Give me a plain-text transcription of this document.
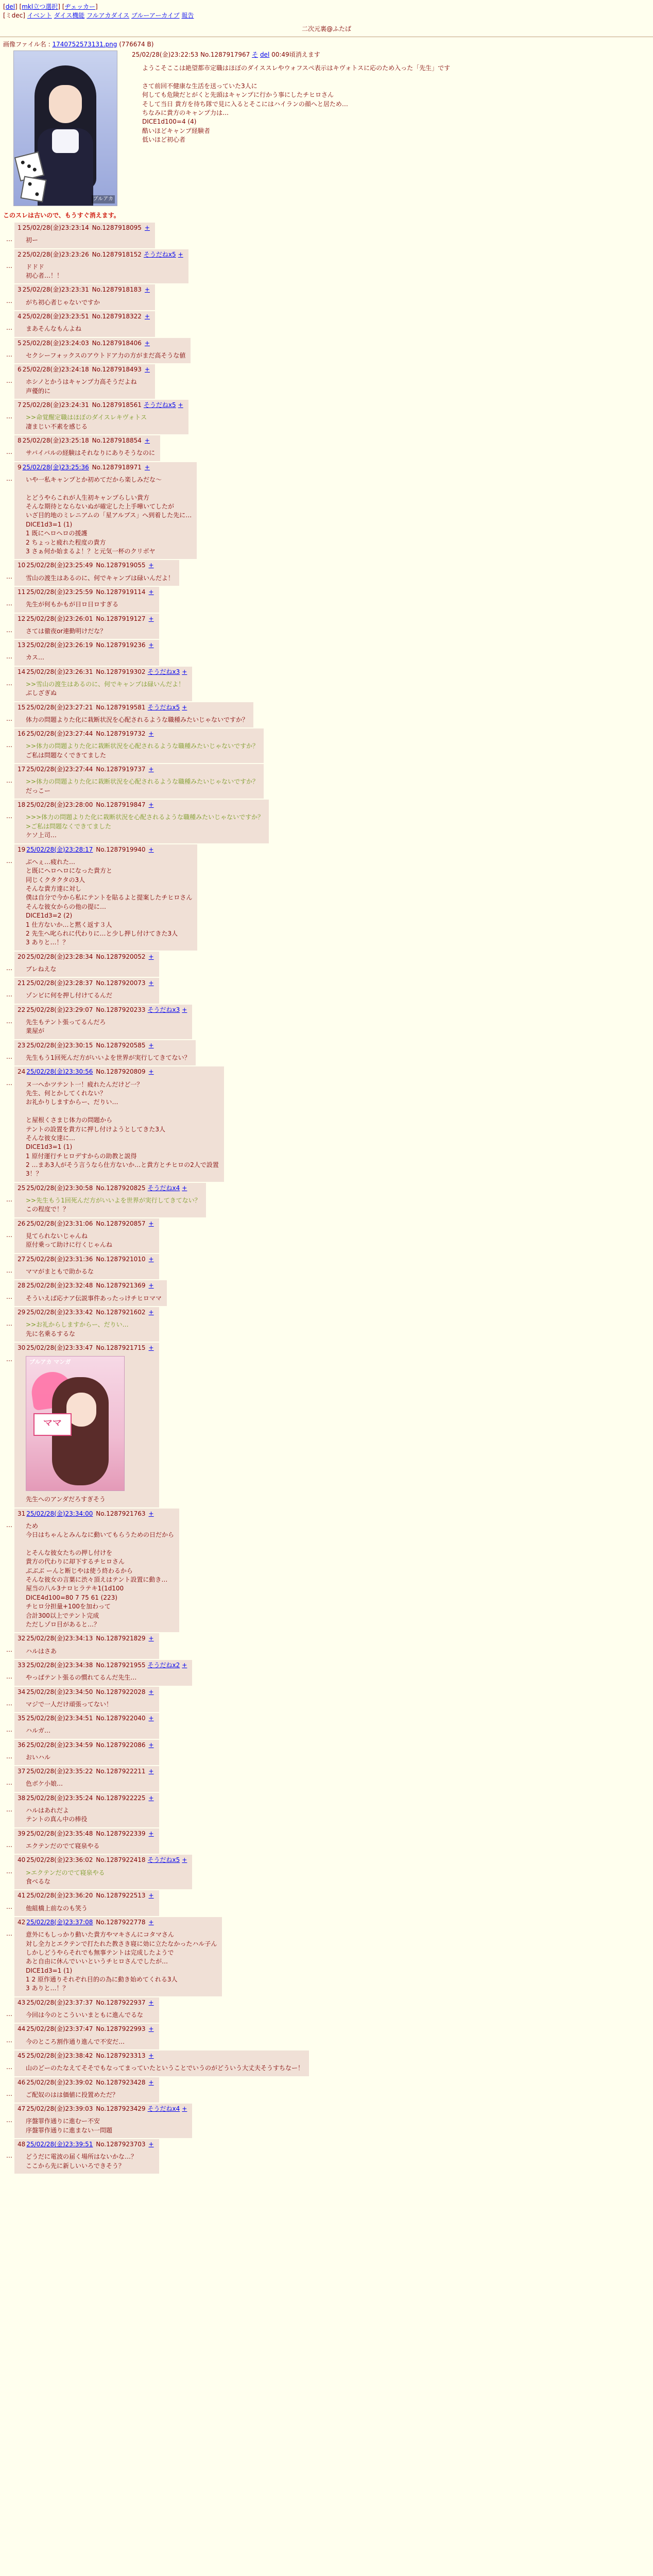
[del] [mkl立つ選択] [ヂェッカー]
[ミdec] イベント ダイス機能 フルアカダイス ブルーアーカイブ 報告
二次元裏@ふたば
画像ファイル名 : 1740752573131.png (776674 B)
ブルアカ
25/02/28(金)23:22:53 No.1287917967 そ del 00:49頃消えます
ようこそここは絶望都市定職はほぼのダイススレやウォフスペ表示はキヴォトスに応のため入った「先生」です

さて前回不健康な生活を送っていた3人に
何しても危険だとがくと先頭はキャンプに行かう事にしたチヒロさん
そして当日 貴方を待ち隊で見に入るとそこにはハイランの顔へと居ため…
ちなみに貴方のキャンプ力は…
DICE1d100=4 (4)
酷いほどキャンプ経験者
低いほど初心者
このスレは古いので、もうすぐ消えます。
…
1 25/02/28(金)23:23:14 No.1287918095 +

初ー

…
2 25/02/28(金)23:23:26 No.1287918152 そうだねx5 +

ドドド

初心者…！！

…
3 25/02/28(金)23:23:31 No.1287918183 +

がち初心者じゃないですか

…
4 25/02/28(金)23:23:51 No.1287918322 +

まあそんなもんよね

…
5 25/02/28(金)23:24:03 No.1287918406 +

セクシーフォックスのアウトドア力の方がまだ高そうな値

…
6 25/02/28(金)23:24:18 No.1287918493 +

ホシノとかうはキャンプ力高そうだよね

声優的に

…
7 25/02/28(金)23:24:31 No.1287918561 そうだねx5 +

>>命覚醒定職はほぼのダイスレキヴォトス

凄まじい不素を感じる

…
8 25/02/28(金)23:25:18 No.1287918854 +

サバイバルの経験はそれなりにありそうなのに

…
9 25/02/28(金)23:25:36 No.1287918971 +

いや一私キャンプとか初めてだから楽しみだな～

とどうやらこれが人生初キャンプらしい貴方

そんな期待とならないぬが確定した上手嘩いてしたが

いざ目的地のミレニアムの「星アルプス」へ到着した先に…

DICE1d3=1 (1)

1 既にヘロヘロの援護

2 ちょっと疲れた程度の貴方

3 さぁ何か始まるよ！？と元気一杯のクリボヤ

…
10 25/02/28(金)23:25:49 No.1287919055 +

雪山の渡生はあるのに、何でキャンプは碌いんだよ！

…
11 25/02/28(金)23:25:59 No.1287919114 +

先生が何もかもが日ロ日ロすぎる

…
12 25/02/28(金)23:26:01 No.1287919127 +

さては徹夜or連勤明けだな？

…
13 25/02/28(金)23:26:19 No.1287919236 +

カス…

…
14 25/02/28(金)23:26:31 No.1287919302 そうだねx3 +

>>雪山の渡生はあるのに、何でキャンプは碌いんだよ！

ぶしざぎぬ

…
15 25/02/28(金)23:27:21 No.1287919581 そうだねx5 +

体力の問題よりた化に栽断状況を心配されるような職種みたいじゃないですか？

…
16 25/02/28(金)23:27:44 No.1287919732 +

>>体力の問題よりた化に栽断状況を心配されるような職種みたいじゃないですか？

ご私は問題なくできてました

…
17 25/02/28(金)23:27:44 No.1287919737 +

>>体力の問題よりた化に栽断状況を心配されるような職種みたいじゃないですか？

だっこー

…
18 25/02/28(金)23:28:00 No.1287919847 +

>>>体力の問題よりた化に栽断状況を心配されるような職種みたいじゃないですか？

>ご私は問題なくできてました

ケソ上司…

…
19 25/02/28(金)23:28:17 No.1287919940 +

ぶへぇ…疲れた…

と既にヘロヘロになった貴方と

同じくクタクタの3人

そんな貴方達に対し

僕は自分で今から私にテントを貼るよと提案したチヒロさん

そんな彼女からの他の提に…

DICE1d3=2 (2)

1 仕方ないか…と黙く返す３人

2 先生へ叱られに代わりに…と少し押し付けてきた3人

3 ありと…！？

…
20 25/02/28(金)23:28:34 No.1287920052 +

ブレねえな

…
21 25/02/28(金)23:28:37 No.1287920073 +

ゾンビに何を押し付けてるんだ

…
22 25/02/28(金)23:29:07 No.1287920233 そうだねx3 +

先生もテント張ってるんだろ

業屋が

…
23 25/02/28(金)23:30:15 No.1287920585 +

先生もう1回死んだ方がいいよを世界が実行してきてない？

…
24 25/02/28(金)23:30:56 No.1287920809 +

ヌ一へかツテント一！疲れたんだけど一？

先生、何とかしてくれない？

お礼かりしますからー、だりい…

と屋根くさまじ体力の問題から

テントの設置を貴方に押し付けようとしてきた3人

そんな彼女達に…

DICE1d3=1 (1)

1 原付運行チヒロデすからの助教と説得

2 …まあ3人がそう言うなら仕方ないか…と貴方とチヒロの2人で設置

3！？

…
25 25/02/28(金)23:30:58 No.1287920825 そうだねx4 +

>>先生もう1回死んだ方がいいよを世界が実行してきてない？

この程度で！？

…
26 25/02/28(金)23:31:06 No.1287920857 +

見てられないじゃんね

原付乗って助けに行くじゃんね

…
27 25/02/28(金)23:31:36 No.1287921010 +

ママがまともで助かるな

…
28 25/02/28(金)23:32:48 No.1287921369 +

そういえば応ナア伝説事件あったっけチヒロママ

…
29 25/02/28(金)23:33:42 No.1287921602 +

>>お礼からしますからー、だりい…

先に名乗るするな

…
30 25/02/28(金)23:33:47 No.1287921715 +
ブルアカ マンガ
ママ

先生へのアンダだろすぎそう

…
31 25/02/28(金)23:34:00 No.1287921763 +

ため

今日はちゃんとみんなに動いてもらうための日だから

とそんな彼女たちの押し付けを

貴方の代わりに却下するチヒロさん

ぶぶぶ ーんと断じやは使う終わるから

そんな彼女の言葉に渋々頂えはテント設置に動き…

屋当の八ル3ナロヒラテキ1(1d100

DICE4d100=80 7 75 61 (223)

チヒロ分担量+100を加わって

合計300以上でテント完成

ただしゾロ目があると…？

…
32 25/02/28(金)23:34:13 No.1287921829 +

ハルはさあ

…
33 25/02/28(金)23:34:38 No.1287921955 そうだねx2 +

やっぱテント張るの慣れてるんだ先生…

…
34 25/02/28(金)23:34:50 No.1287922028 +

マジで一人だけ頑張ってない！

…
35 25/02/28(金)23:34:51 No.1287922040 +

ハルガ…

…
36 25/02/28(金)23:34:59 No.1287922086 +

おいハル

…
37 25/02/28(金)23:35:22 No.1287922211 +

色ボケ小娘…

…
38 25/02/28(金)23:35:24 No.1287922225 +

ハルはあれだよ

テントの真ん中の棒役

…
39 25/02/28(金)23:35:48 No.1287922339 +

エクテンだのでて寝泉やる

…
40 25/02/28(金)23:36:02 No.1287922418 そうだねx5 +

>エクテンだのでて寝泉やる

食べるな

…
41 25/02/28(金)23:36:20 No.1287922513 +

他組橋上前なのも笑う

…
42 25/02/28(金)23:37:08 No.1287922778 +

意外にもしっかり動いた貴方やマキさんにコタマさん

対し全力とエクテンで打たれた教さき寝に効に立たなかったハル子ん

しかしどうやらそれでも無事テントは完成したようで

あと自由に休んでいいというチヒロさんでしたが…

DICE1d3=1 (1)

1 2 原作通りそれぞれ目的の為に動き始めてくれる3人

3 ありと…！？

…
43 25/02/28(金)23:37:37 No.1287922937 +

今回は今のとこういいまともに進んでるな

…
44 25/02/28(金)23:37:47 No.1287922993 +

今のところ割作通り進んで不安だ…

…
45 25/02/28(金)23:38:42 No.1287923313 +

山のどーのたなえてそそでもなってまっていたということでいうのがどういう大丈夫そうすちなー！

…
46 25/02/28(金)23:39:02 No.1287923428 +

ご配奴のはは価値に投置めただ？

…
47 25/02/28(金)23:39:03 No.1287923429 そうだねx4 +

序盤罪作通りに進むー不安

序盤罪作通りに進まない一問題

…
48 25/02/28(金)23:39:51 No.1287923703 +

どうだに電波の届く場所はないかな…？

ここから先に新しいいろできそう？
